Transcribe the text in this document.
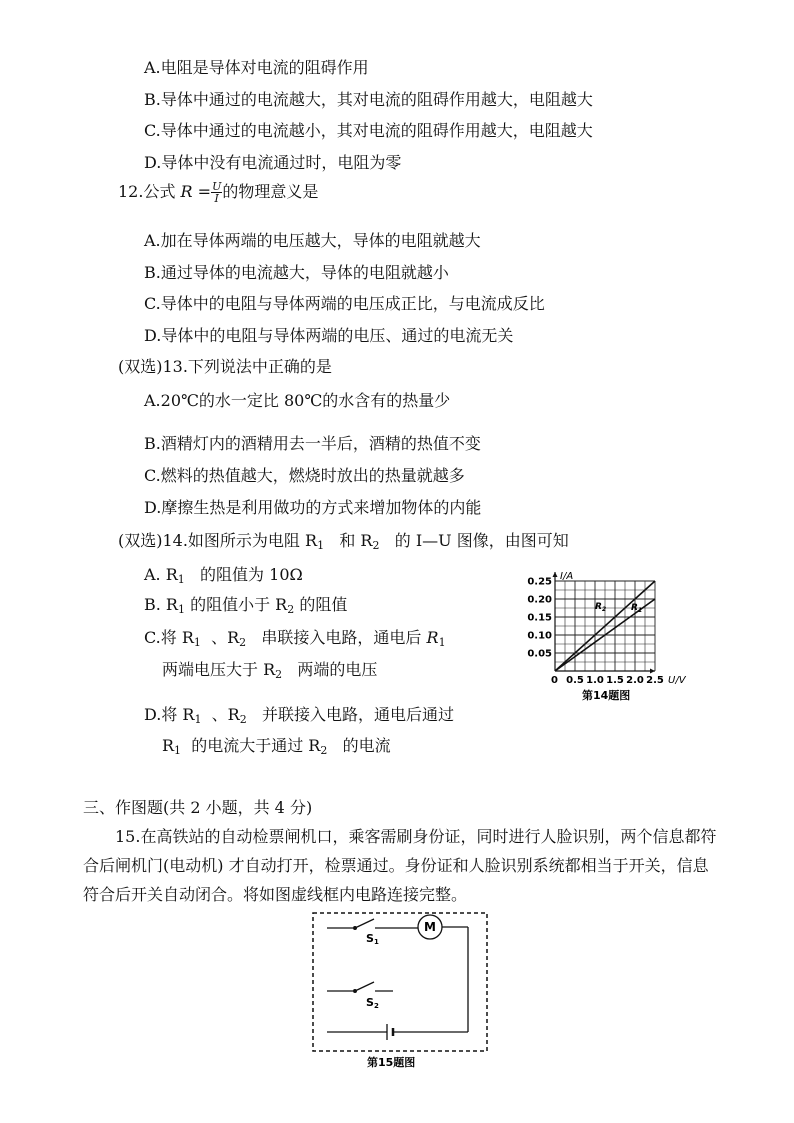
A.电阻是导体对电流的阻碍作用
B.导体中通过的电流越大，其对电流的阻碍作用越大，电阻越大
C.导体中通过的电流越小，其对电流的阻碍作用越大，电阻越大
D.导体中没有电流通过时，电阻为零
12.公式 $R = \frac{U}{I}$ 的物理意义是
A.加在导体两端的电压越大，导体的电阻就越大
B.通过导体的电流越大，导体的电阻就越小
C.导体中的电阻与导体两端的电压成正比，与电流成反比
D.导体中的电阻与导体两端的电压、通过的电流无关
(双选)13.下列说法中正确的是
A.20℃的水一定比 80℃的水含有的热量少
B.酒精灯内的酒精用去一半后，酒精的热值不变
C.燃料的热值越大，燃烧时放出的热量就越多
D.摩擦生热是利用做功的方式来增加物体的内能
(双选)14.如图所示为电阻 $R_1$ 和 $R_2$ 的 I—U 图像，由图可知
A. $R_1$ 的阻值为 10Ω
B. $R_1$ 的阻值小于 $R_2$ 的阻值
C.将 $R_1$ 、$R_2$ 串联接入电路，通电后 $R_1$
两端电压大于 $R_2$ 两端的电压
D.将 $R_1$ 、$R_2$ 并联接入电路，通电后通过
$R_1$ 的电流大于通过 $R_2$ 的电流
0.05
0.10
0.15
0.20
0.25
0.5 1.0 1.5 2.0 2.5
I/A
U/V
0
$R_2$	$R_1$
第14题图
三、作图题(共 2 小题，共 4 分)
15.在高铁站的自动检票闸机口，乘客需刷身份证，同时进行人脸识别，两个信息都符合后闸机门(电动机) 才自动打开，检票通过。身份证和人脸识别系统都相当于开关，信息符合后开关自动闭合。将如图虚线框内电路连接完整。
S1
M
S2
第15题图
